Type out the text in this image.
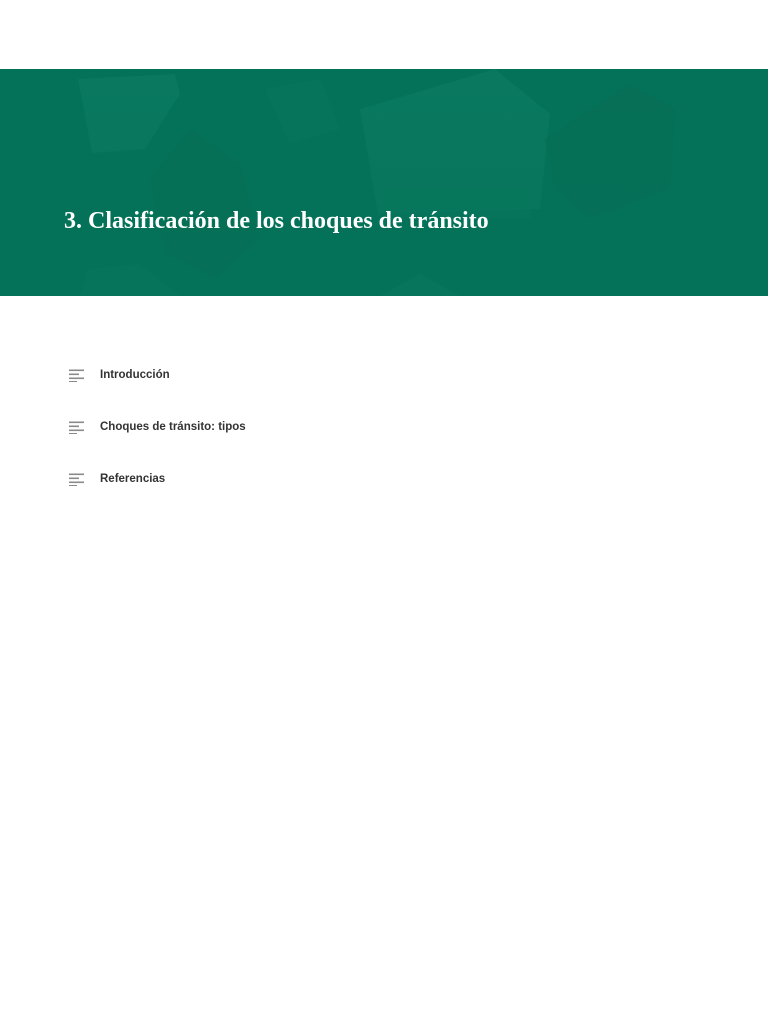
3. Clasificación de los choques de tránsito
Introducción
Choques de tránsito: tipos
Referencias
